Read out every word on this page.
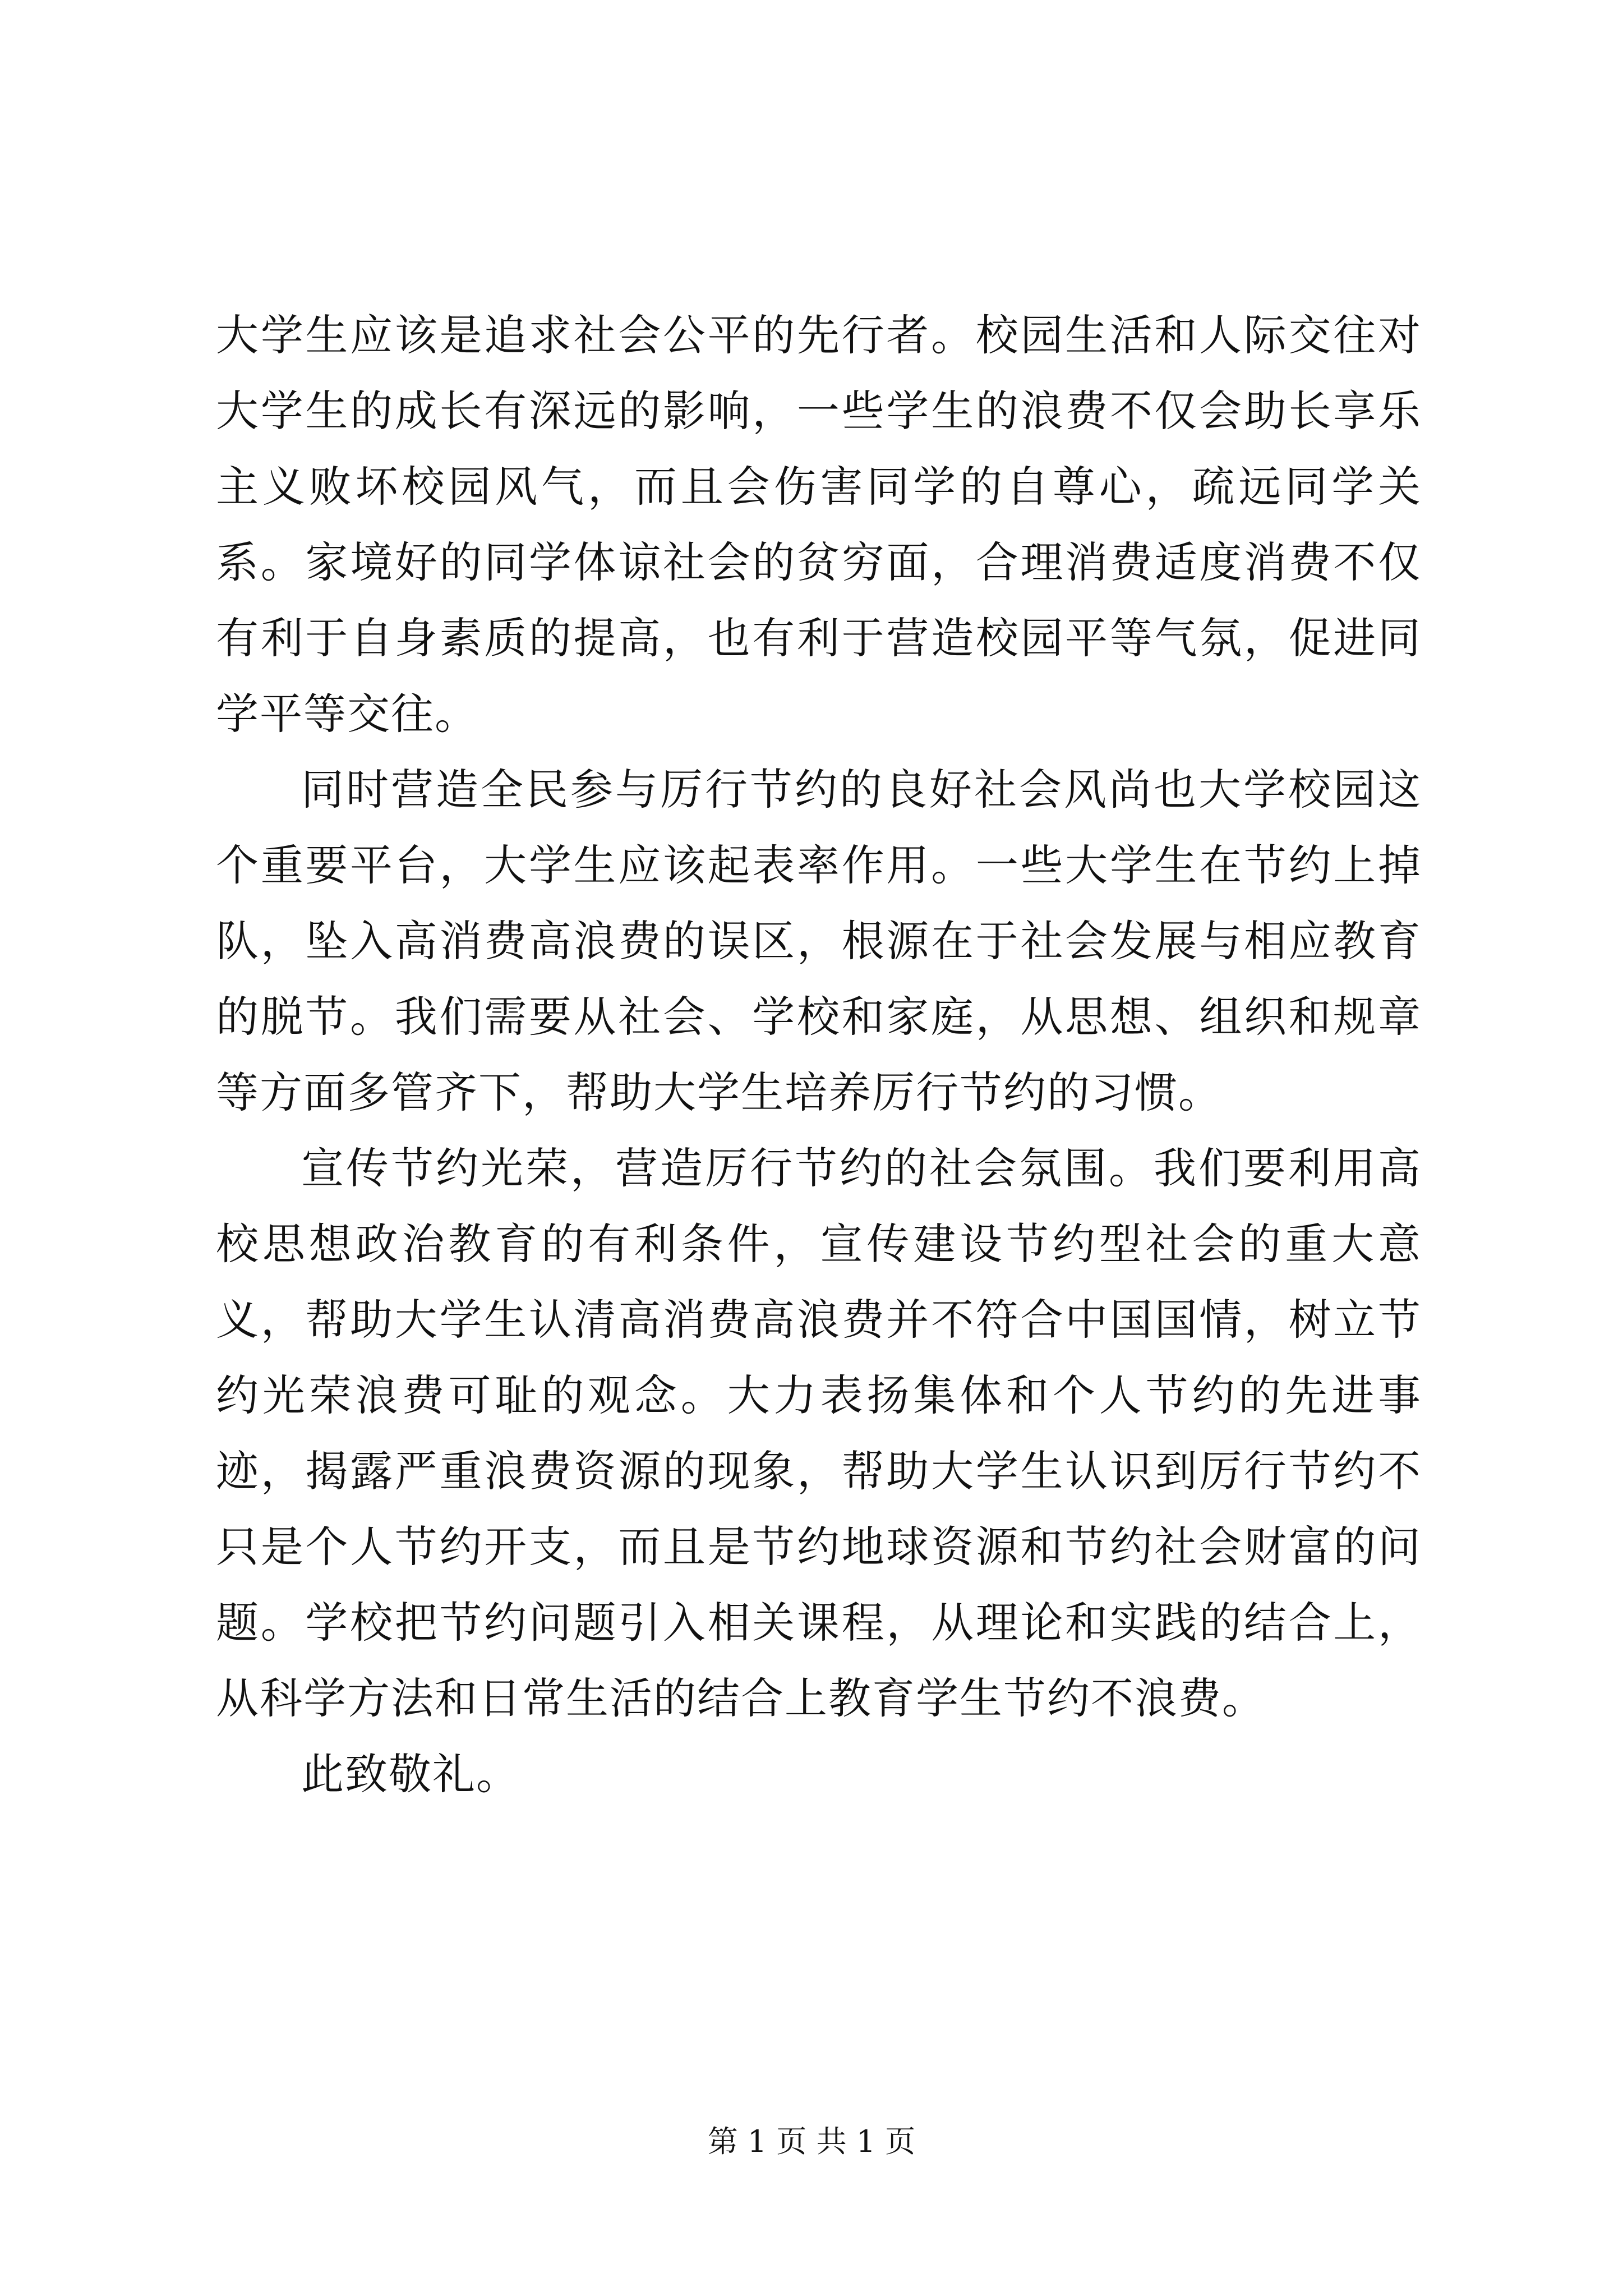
大学生应该是追求社会公平的先行者。校园生活和人际交往对大学生的成长有深远的影响，一些学生的浪费不仅会助长享乐主义败坏校园风气，而且会伤害同学的自尊心，疏远同学关系。家境好的同学体谅社会的贫穷面，合理消费适度消费不仅有利于自身素质的提高，也有利于营造校园平等气氛，促进同学平等交往。

同时营造全民参与厉行节约的良好社会风尚也大学校园这个重要平台，大学生应该起表率作用。一些大学生在节约上掉队，坠入高消费高浪费的误区，根源在于社会发展与相应教育的脱节。我们需要从社会、学校和家庭，从思想、组织和规章等方面多管齐下，帮助大学生培养厉行节约的习惯。

宣传节约光荣，营造厉行节约的社会氛围。我们要利用高校思想政治教育的有利条件，宣传建设节约型社会的重大意义，帮助大学生认清高消费高浪费并不符合中国国情，树立节约光荣浪费可耻的观念。大力表扬集体和个人节约的先进事迹，揭露严重浪费资源的现象，帮助大学生认识到厉行节约不只是个人节约开支，而且是节约地球资源和节约社会财富的问题。学校把节约问题引入相关课程，从理论和实践的结合上，从科学方法和日常生活的结合上教育学生节约不浪费。

此致敬礼。

第 1 页 共 1 页
